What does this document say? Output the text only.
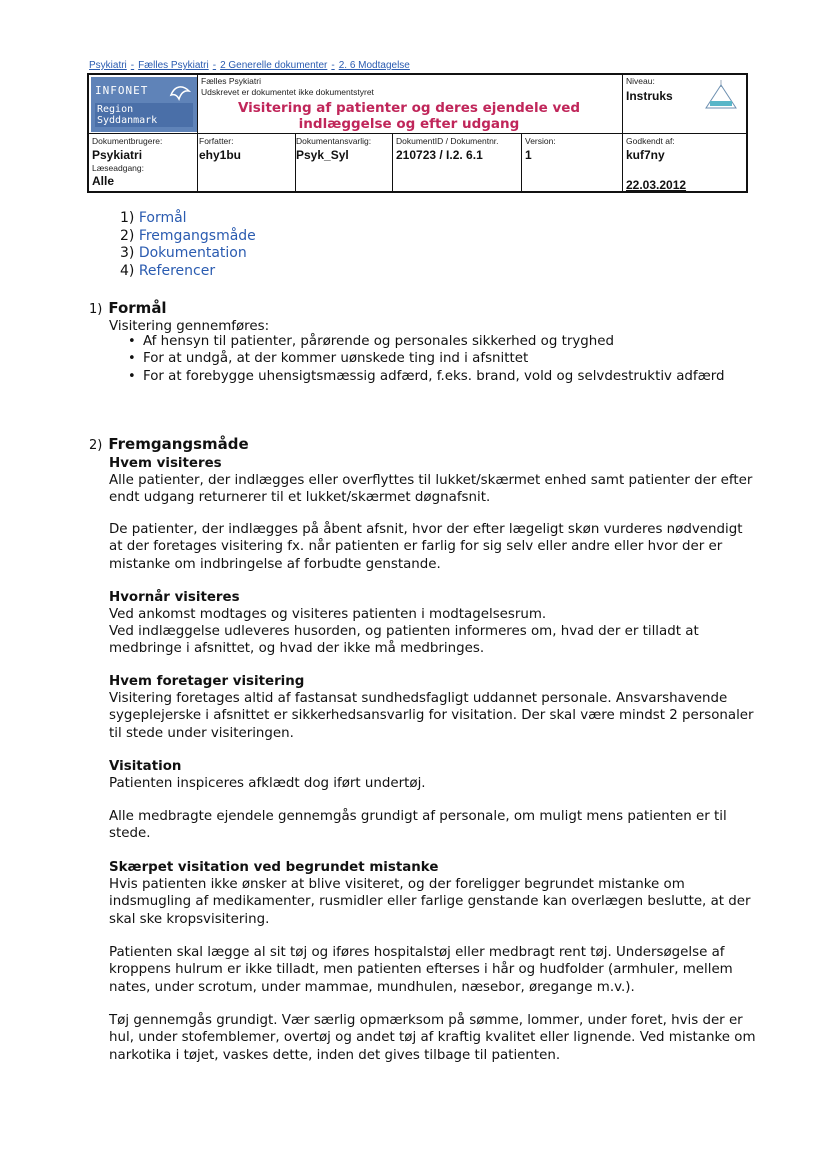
Psykiatri - Fælles Psykiatri - 2 Generelle dokumenter - 2. 6 Modtagelse
INFONET
Region Syddanmark
Fælles Psykiatri
Udskrevet er dokumentet ikke dokumentstyret
Visitering af patienter og deres ejendele ved indlæggelse og efter udgang
Niveau:
Instruks
Dokumentbrugere:
Psykiatri
Læseadgang:
Alle
Forfatter:
ehy1bu
Dokumentansvarlig:
Psyk_Syl
DokumentID / Dokumentnr.
210723 / I.2. 6.1
Version:
1
Godkendt af:
kuf7ny
22.03.2012
1) Formål
2) Fremgangsmåde
3) Dokumentation
4) Referencer
1) Formål
Visitering gennemføres:
• Af hensyn til patienter, pårørende og personales sikkerhed og tryghed
• For at undgå, at der kommer uønskede ting ind i afsnittet
• For at forebygge uhensigtsmæssig adfærd, f.eks. brand, vold og selvdestruktiv adfærd
2) Fremgangsmåde
Hvem visiteres
Alle patienter, der indlægges eller overflyttes til lukket/skærmet enhed samt patienter der efter endt udgang returnerer til et lukket/skærmet døgnafsnit.
De patienter, der indlægges på åbent afsnit, hvor der efter lægeligt skøn vurderes nødvendigt at der foretages visitering fx. når patienten er farlig for sig selv eller andre eller hvor der er mistanke om indbringelse af forbudte genstande.
Hvornår visiteres
Ved ankomst modtages og visiteres patienten i modtagelsesrum.
Ved indlæggelse udleveres husorden, og patienten informeres om, hvad der er tilladt at medbringe i afsnittet, og hvad der ikke må medbringes.
Hvem foretager visitering
Visitering foretages altid af fastansat sundhedsfagligt uddannet personale. Ansvarshavende sygeplejerske i afsnittet er sikkerhedsansvarlig for visitation. Der skal være mindst 2 personaler til stede under visiteringen.
Visitation
Patienten inspiceres afklædt dog iført undertøj.
Alle medbragte ejendele gennemgås grundigt af personale, om muligt mens patienten er til stede.
Skærpet visitation ved begrundet mistanke
Hvis patienten ikke ønsker at blive visiteret, og der foreligger begrundet mistanke om indsmugling af medikamenter, rusmidler eller farlige genstande kan overlægen beslutte, at der skal ske kropsvisitering.
Patienten skal lægge al sit tøj og iføres hospitalstøj eller medbragt rent tøj. Undersøgelse af kroppens hulrum er ikke tilladt, men patienten efterses i hår og hudfolder (armhuler, mellem nates, under scrotum, under mammae, mundhulen, næsebor, øregange m.v.).
Tøj gennemgås grundigt. Vær særlig opmærksom på sømme, lommer, under foret, hvis der er hul, under stofemblemer, overtøj og andet tøj af kraftig kvalitet eller lignende. Ved mistanke om narkotika i tøjet, vaskes dette, inden det gives tilbage til patienten.
